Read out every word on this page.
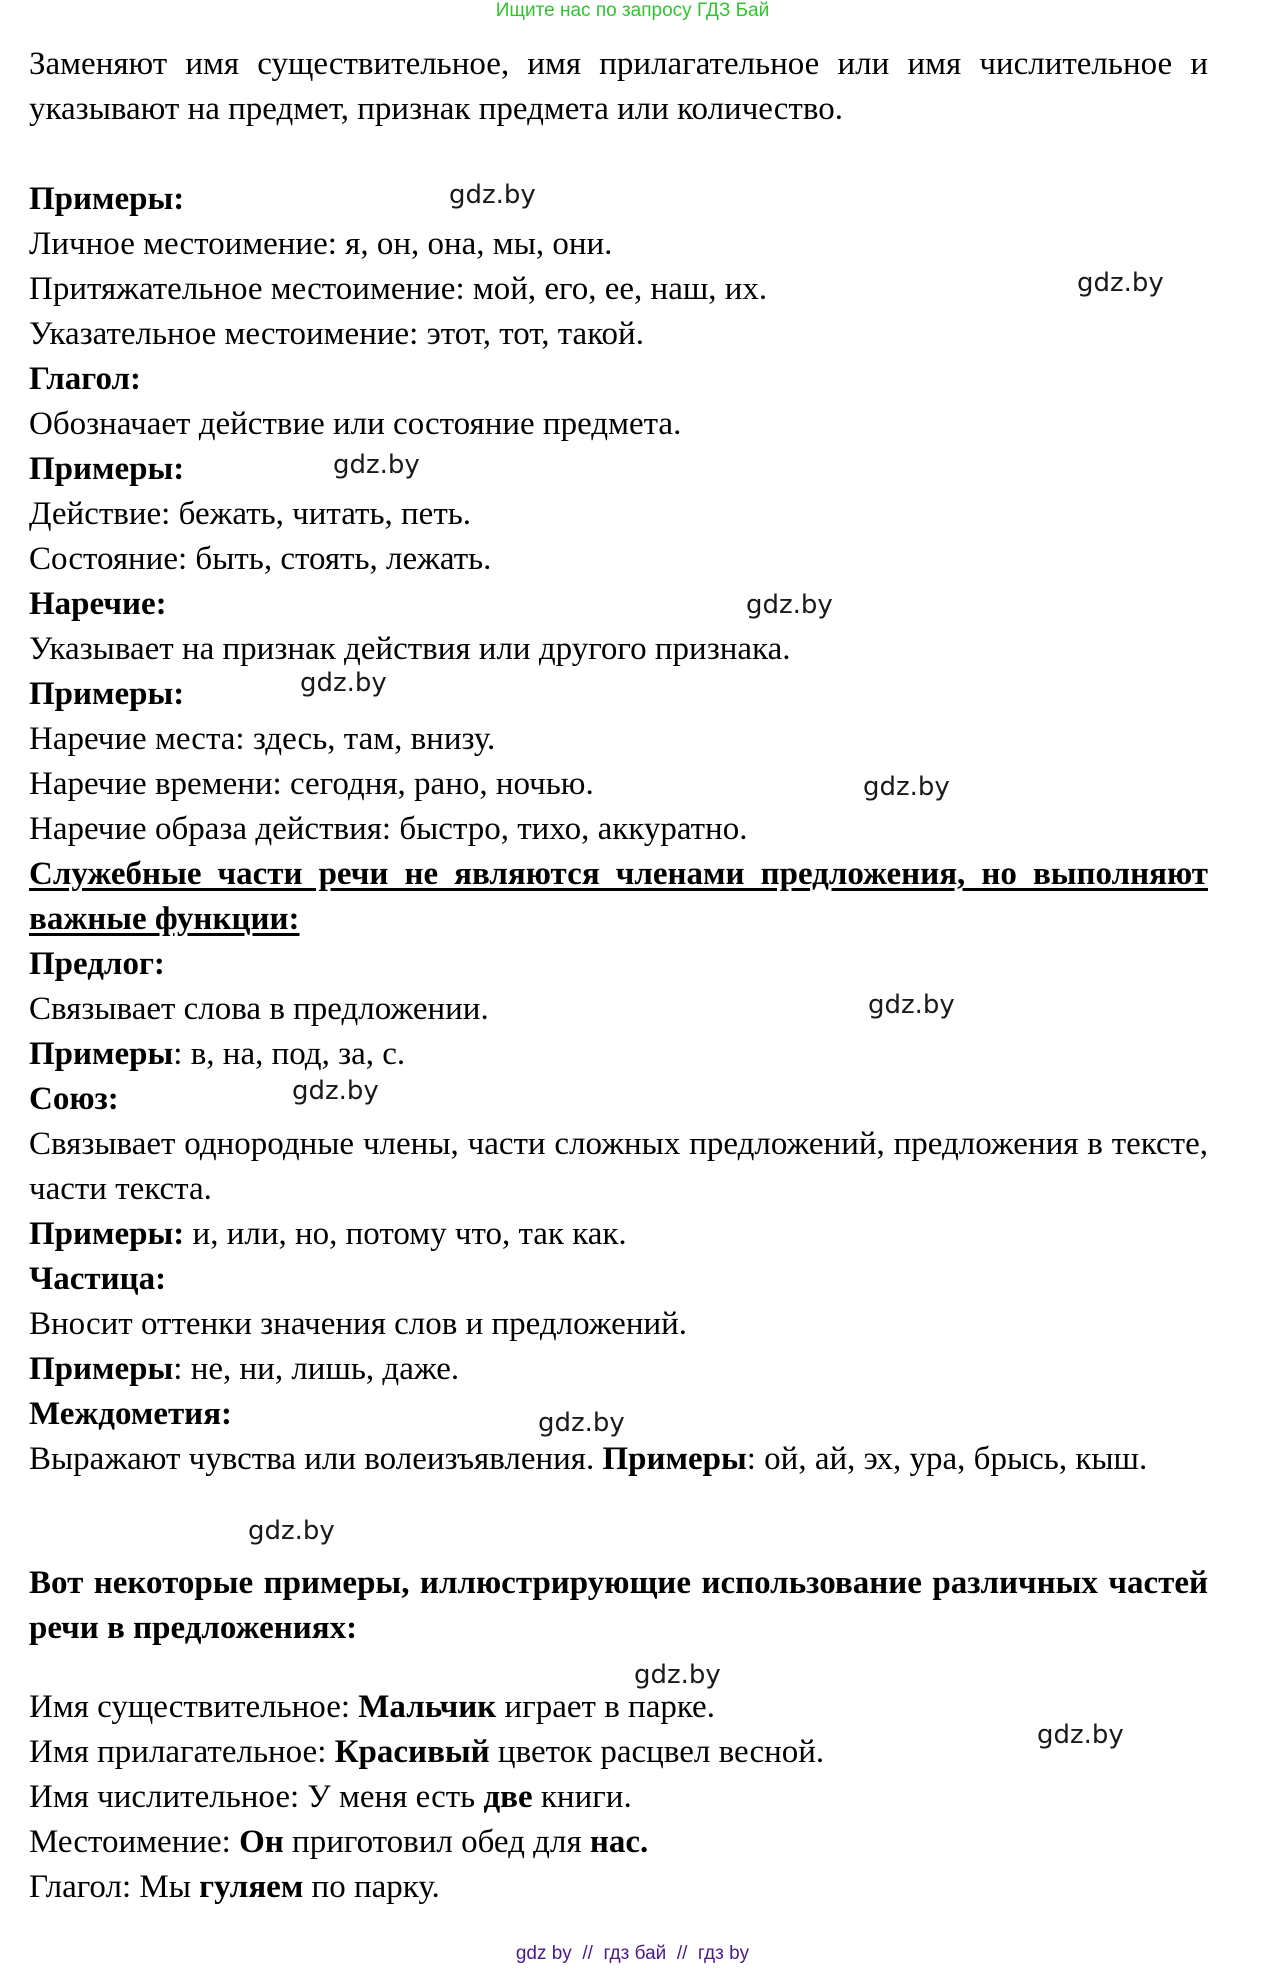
Ищите нас по запросу ГДЗ Бай
Заменяют имя существительное, имя прилагательное или имя числительное и указывают на предмет, признак предмета или количество.
Примеры:
Личное местоимение: я, он, она, мы, они.
Притяжательное местоимение: мой, его, ее, наш, их.
Указательное местоимение: этот, тот, такой.
Глагол:
Обозначает действие или состояние предмета.
Примеры:
Действие: бежать, читать, петь.
Состояние: быть, стоять, лежать.
Наречие:
Указывает на признак действия или другого признака.
Примеры:
Наречие места: здесь, там, внизу.
Наречие времени: сегодня, рано, ночью.
Наречие образа действия: быстро, тихо, аккуратно.
Служебные части речи не являются членами предложения, но выполняют важные функции:
Предлог:
Связывает слова в предложении.
Примеры: в, на, под, за, с.
Союз:
Связывает однородные члены, части сложных предложений, предложения в тексте, части текста.
Примеры: и, или, но, потому что, так как.
Частица:
Вносит оттенки значения слов и предложений.
Примеры: не, ни, лишь, даже.
Междометия:
Выражают чувства или волеизъявления. Примеры: ой, ай, эх, ура, брысь, кыш.
Вот некоторые примеры, иллюстрирующие использование различных частей речи в предложениях:
Имя существительное: Мальчик играет в парке.
Имя прилагательное: Красивый цветок расцвел весной.
Имя числительное: У меня есть две книги.
Местоимение: Он приготовил обед для нас.
Глагол: Мы гуляем по парку.
gdz.by
gdz.by
gdz.by
gdz.by
gdz.by
gdz.by
gdz.by
gdz.by
gdz.by
gdz.by
gdz.by
gdz.by
gdz by  //  гдз бай  //  гдз by
